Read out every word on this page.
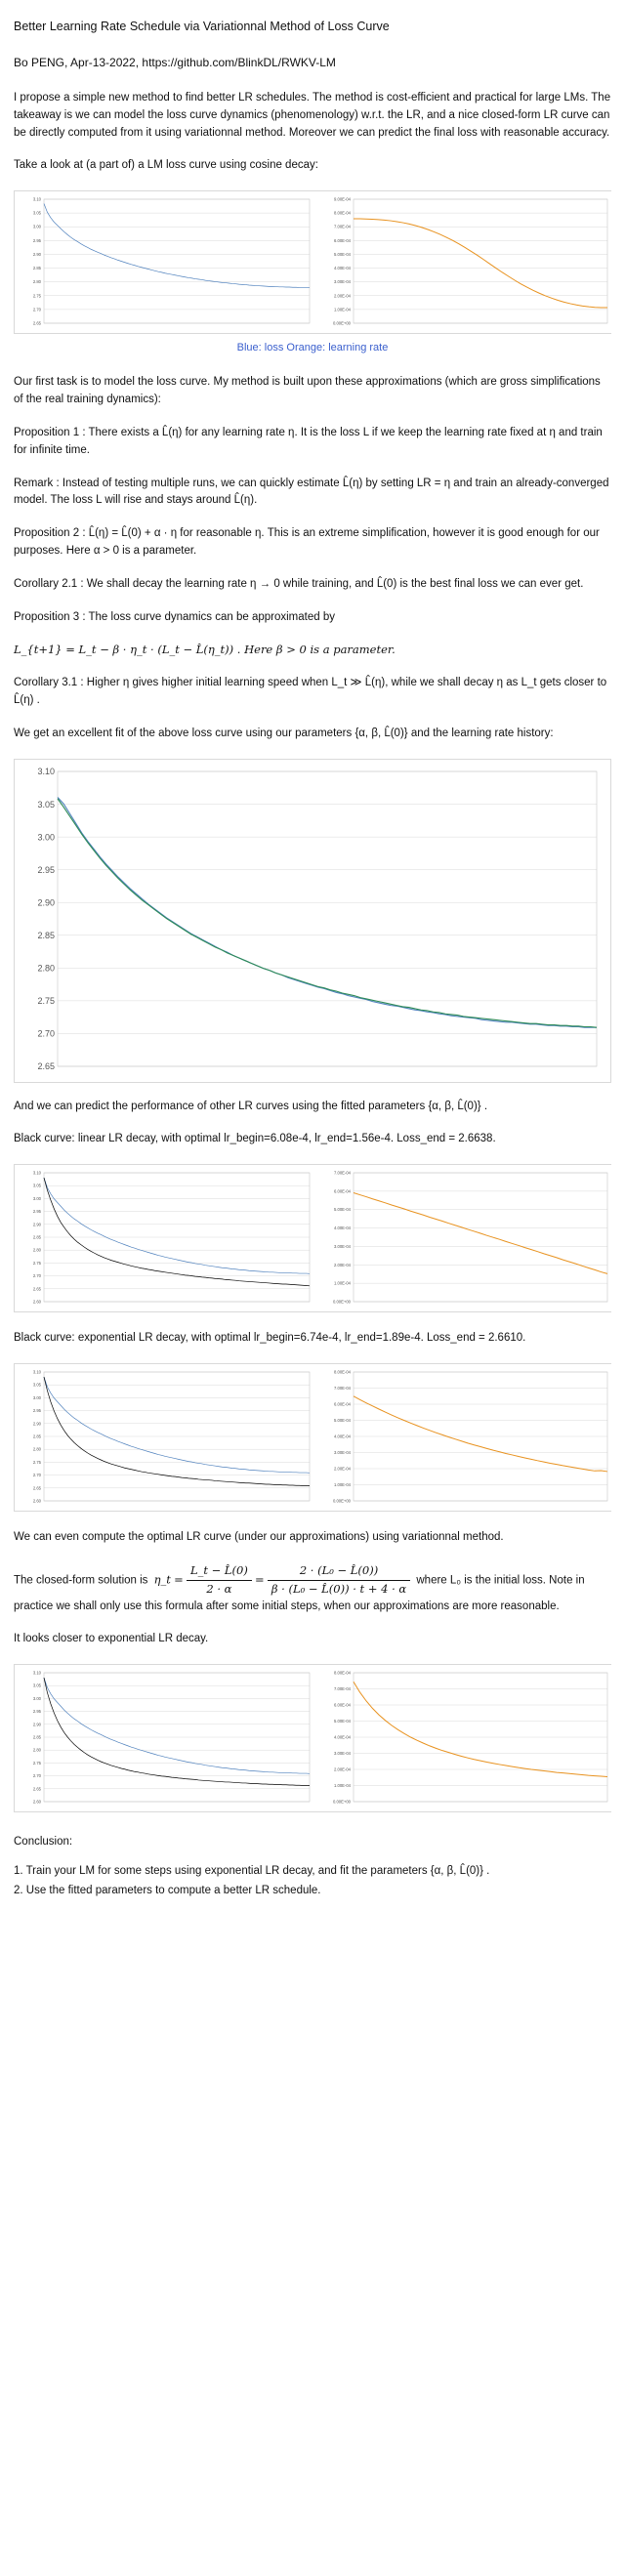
Better Learning Rate Schedule via Variationnal Method of Loss Curve
Bo PENG, Apr-13-2022, https://github.com/BlinkDL/RWKV-LM

I propose a simple new method to find better LR schedules. The method is cost-efficient and practical for large LMs. The takeaway is we can model the loss curve dynamics (phenomenology) w.r.t. the LR, and a nice closed-form LR curve can be directly computed from it using variationnal method. Moreover we can predict the final loss with reasonable accuracy.

Take a look at (a part of) a LM loss curve using cosine decay:

3.10
3.05
3.00
2.95
2.90
2.85
2.80
2.75
2.70
2.65
9.00E-04
8.00E-04
7.00E-04
6.00E-04
5.00E-04
4.00E-04
3.00E-04
2.00E-04
1.00E-04
0.00E+00
Blue: loss Orange: learning rate

Our first task is to model the loss curve. My method is built upon these approximations (which are gross simplifications of the real training dynamics):

Proposition 1 : There exists a L̂(η) for any learning rate η. It is the loss L if we keep the learning rate fixed at η and train for infinite time.

Remark : Instead of testing multiple runs, we can quickly estimate L̂(η) by setting LR = η and train an already-converged model. The loss L will rise and stays around L̂(η).

Proposition 2 : L̂(η) = L̂(0) + α · η for reasonable η. This is an extreme simplification, however it is good enough for our purposes. Here α > 0 is a parameter.

Corollary 2.1 : We shall decay the learning rate η → 0 while training, and L̂(0) is the best final loss we can ever get.

Proposition 3 : The loss curve dynamics can be approximated by

L_{t+1} = L_t − β · η_t · (L_t − L̂(η_t)) . Here β > 0 is a parameter.

Corollary 3.1 : Higher η gives higher initial learning speed when L_t ≫ L̂(η), while we shall decay η as L_t gets closer to L̂(η) .

We get an excellent fit of the above loss curve using our parameters {α, β, L̂(0)} and the learning rate history:

3.10
3.05
3.00
2.95
2.90
2.85
2.80
2.75
2.70
2.65

And we can predict the performance of other LR curves using the fitted parameters {α, β, L̂(0)} .

Black curve: linear LR decay, with optimal lr_begin=6.08e-4, lr_end=1.56e-4. Loss_end = 2.6638.

3.10
3.05
3.00
2.95
2.90
2.85
2.80
2.75
2.70
2.65
2.60
7.00E-04
6.00E-04
5.00E-04
4.00E-04
3.00E-04
2.00E-04
1.00E-04
0.00E+00

Black curve: exponential LR decay, with optimal lr_begin=6.74e-4, lr_end=1.89e-4. Loss_end = 2.6610.

3.10
3.05
3.00
2.95
2.90
2.85
2.80
2.75
2.70
2.65
2.60
8.00E-04
7.00E-04
6.00E-04
5.00E-04
4.00E-04
3.00E-04
2.00E-04
1.00E-04
0.00E+00

We can even compute the optimal LR curve (under our approximations) using variationnal method.

The closed-form solution is η_t = $\frac{L\_t - L̂(0)}{2 \cdot \alpha} = \frac{\text{2 · (L₀ − L̂(0))}}{\text{β · (L₀ − L̂(0)) · t + 4 · α}}$ where L₀ is the initial loss. Note in practice we shall only use this formula after some initial steps, when our approximations are more reasonable.

It looks closer to exponential LR decay.

3.10
3.05
3.00
2.95
2.90
2.85
2.80
2.75
2.70
2.65
2.60
8.00E-04
7.00E-04
6.00E-04
5.00E-04
4.00E-04
3.00E-04
2.00E-04
1.00E-04
0.00E+00
Conclusion:
1. Train your LM for some steps using exponential LR decay, and fit the parameters {α, β, L̂(0)} .
2. Use the fitted parameters to compute a better LR schedule.
